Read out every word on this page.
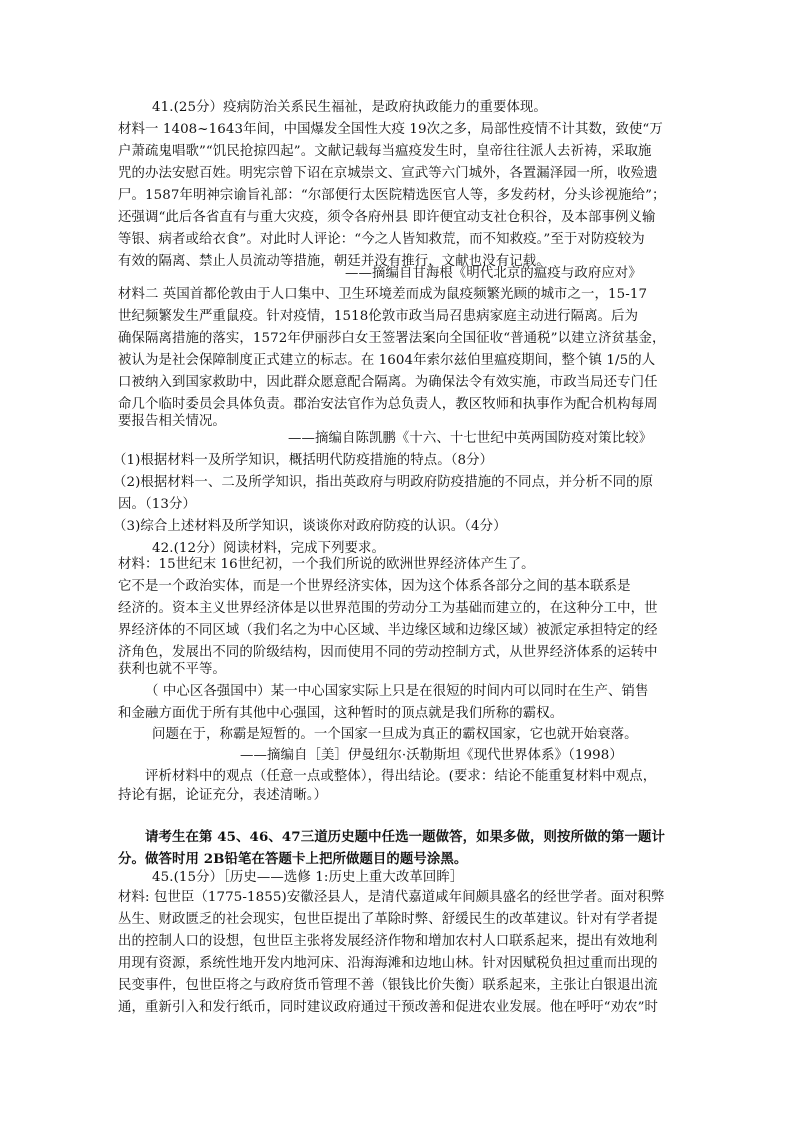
41.(25分）疫病防治关系民生福祉，是政府执政能力的重要体现。
材料一 1408~1643年间，中国爆发全国性大疫 19次之多，局部性疫情不计其数，致使“万
户萧疏鬼唱歌”“饥民抢掠四起”。文献记载每当瘟疫发生时，皇帝往往派人去祈祷，采取施
咒的办法安慰百姓。明宪宗曾下诏在京城崇文、宣武等六门城外，各置漏泽园一所，收殓遗
尸。1587年明神宗谕旨礼部：“尔部便行太医院精选医官人等，多发药材，分头诊视施给”；
还强调“此后各省直有与重大灾疫，须令各府州县 即许便宜动支社仓积谷，及本部事例义输
等银、病者或给衣食”。对此时人评论：“今之人皆知救荒，而不知救疫。”至于对防疫较为
有效的隔离、禁止人员流动等措施，朝廷并没有推行，文献也没有记载。
——摘编自甘海根《明代北京的瘟疫与政府应对》
材料二 英国首都伦敦由于人口集中、卫生环境差而成为鼠疫频繁光顾的城市之一，15-17
世纪频繁发生严重鼠疫。针对疫情，1518伦敦市政当局召患病家庭主动进行隔离。后为
确保隔离措施的落实，1572年伊丽莎白女王签署法案向全国征收“普通税”以建立济贫基金，
被认为是社会保障制度正式建立的标志。在 1604年索尔兹伯里瘟疫期间，整个镇 1/5的人
口被纳入到国家救助中，因此群众愿意配合隔离。为确保法令有效实施，市政当局还专门任
命几个临时委员会具体负责。郡治安法官作为总负责人，教区牧师和执事作为配合机构每周
要报告相关情况。
——摘编自陈凯鹏《十六、十七世纪中英两国防疫对策比较》
（1)根据材料一及所学知识，概括明代防疫措施的特点。（8分）
（2)根据材料一、二及所学知识，指出英政府与明政府防疫措施的不同点，并分析不同的原
因。（13分）
（3)综合上述材料及所学知识，谈谈你对政府防疫的认识。（4分）
42.(12分）阅读材料，完成下列要求。
材料：15世纪末 16世纪初，一个我们所说的欧洲世界经济体产生了。
它不是一个政治实体，而是一个世界经济实体，因为这个体系各部分之间的基本联系是
经济的。资本主义世界经济体是以世界范围的劳动分工为基础而建立的，在这种分工中，世
界经济体的不同区域（我们名之为中心区域、半边缘区域和边缘区域）被派定承担特定的经
济角色，发展出不同的阶级结构，因而使用不同的劳动控制方式，从世界经济体系的运转中
获利也就不平等。
（ 中心区各强国中）某一中心国家实际上只是在很短的时间内可以同时在生产、销售
和金融方面优于所有其他中心强国，这种暂时的顶点就是我们所称的霸权。
问题在于，称霸是短暂的。一个国家一旦成为真正的霸权国家，它也就开始衰落。
——摘编自［美］伊曼纽尔·沃勒斯坦《现代世界体系》（1998）
评析材料中的观点（任意一点或整体），得出结论。(要求：结论不能重复材料中观点，
持论有据，论证充分，表述清晰。）
请考生在第 45、46、47三道历史题中任选一题做答，如果多做，则按所做的第一题计
分。做答时用 2B铅笔在答题卡上把所做题目的题号涂黑。
45.(15分）［历史——选修 1:历史上重大改革回眸］
材料: 包世臣（1775-1855)安徽泾县人，是清代嘉道咸年间颇具盛名的经世学者。面对积弊
丛生、财政匮乏的社会现实，包世臣提出了革除时弊、舒缓民生的改革建议。针对有学者提
出的控制人口的设想，包世臣主张将发展经济作物和增加农村人口联系起来，提出有效地利
用现有资源，系统性地开发内地河床、沿海海滩和边地山林。针对因赋税负担过重而出现的
民变事件，包世臣将之与政府货币管理不善（银钱比价失衡）联系起来，主张让白银退出流
通，重新引入和发行纸币，同时建议政府通过干预改善和促进农业发展。他在呼吁“劝农”时
